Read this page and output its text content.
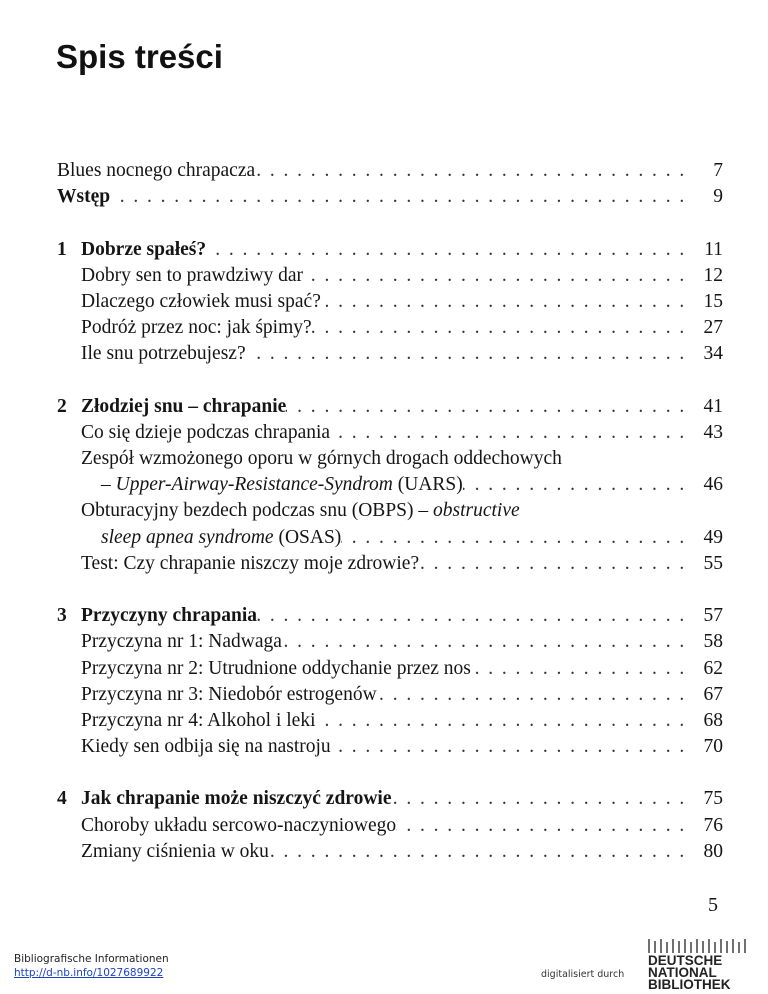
Spis treści
Blues nocnego chrapacza .....	7
Wstęp .....	9
1 Dobrze spałeś? .....	11
Dobry sen to prawdziwy dar .....	12
Dlaczego człowiek musi spać? .....	15
Podróż przez noc: jak śpimy? .....	27
Ile snu potrzebujesz? .....	34
2 Złodziej snu – chrapanie .....	41
Co się dzieje podczas chrapania .....	43
Zespół wzmożonego oporu w górnych drogach oddechowych
– Upper-Airway-Resistance-Syndrom (UARS) .....	46
Obturacyjny bezdech podczas snu (OBPS) – obstructive
sleep apnea syndrome (OSAS) .....	49
Test: Czy chrapanie niszczy moje zdrowie? .....	55
3 Przyczyny chrapania .....	57
Przyczyna nr 1: Nadwaga .....	58
Przyczyna nr 2: Utrudnione oddychanie przez nos .....	62
Przyczyna nr 3: Niedobór estrogenów .....	67
Przyczyna nr 4: Alkohol i leki .....	68
Kiedy sen odbija się na nastroju .....	70
4 Jak chrapanie może niszczyć zdrowie .....	75
Choroby układu sercowo-naczyniowego .....	76
Zmiany ciśnienia w oku .....	80

5

Bibliografische Informationen
http://d-nb.info/1027689922	digitalisiert durch
DEUTSCHE
NATIONAL
BIBLIOTHEK
